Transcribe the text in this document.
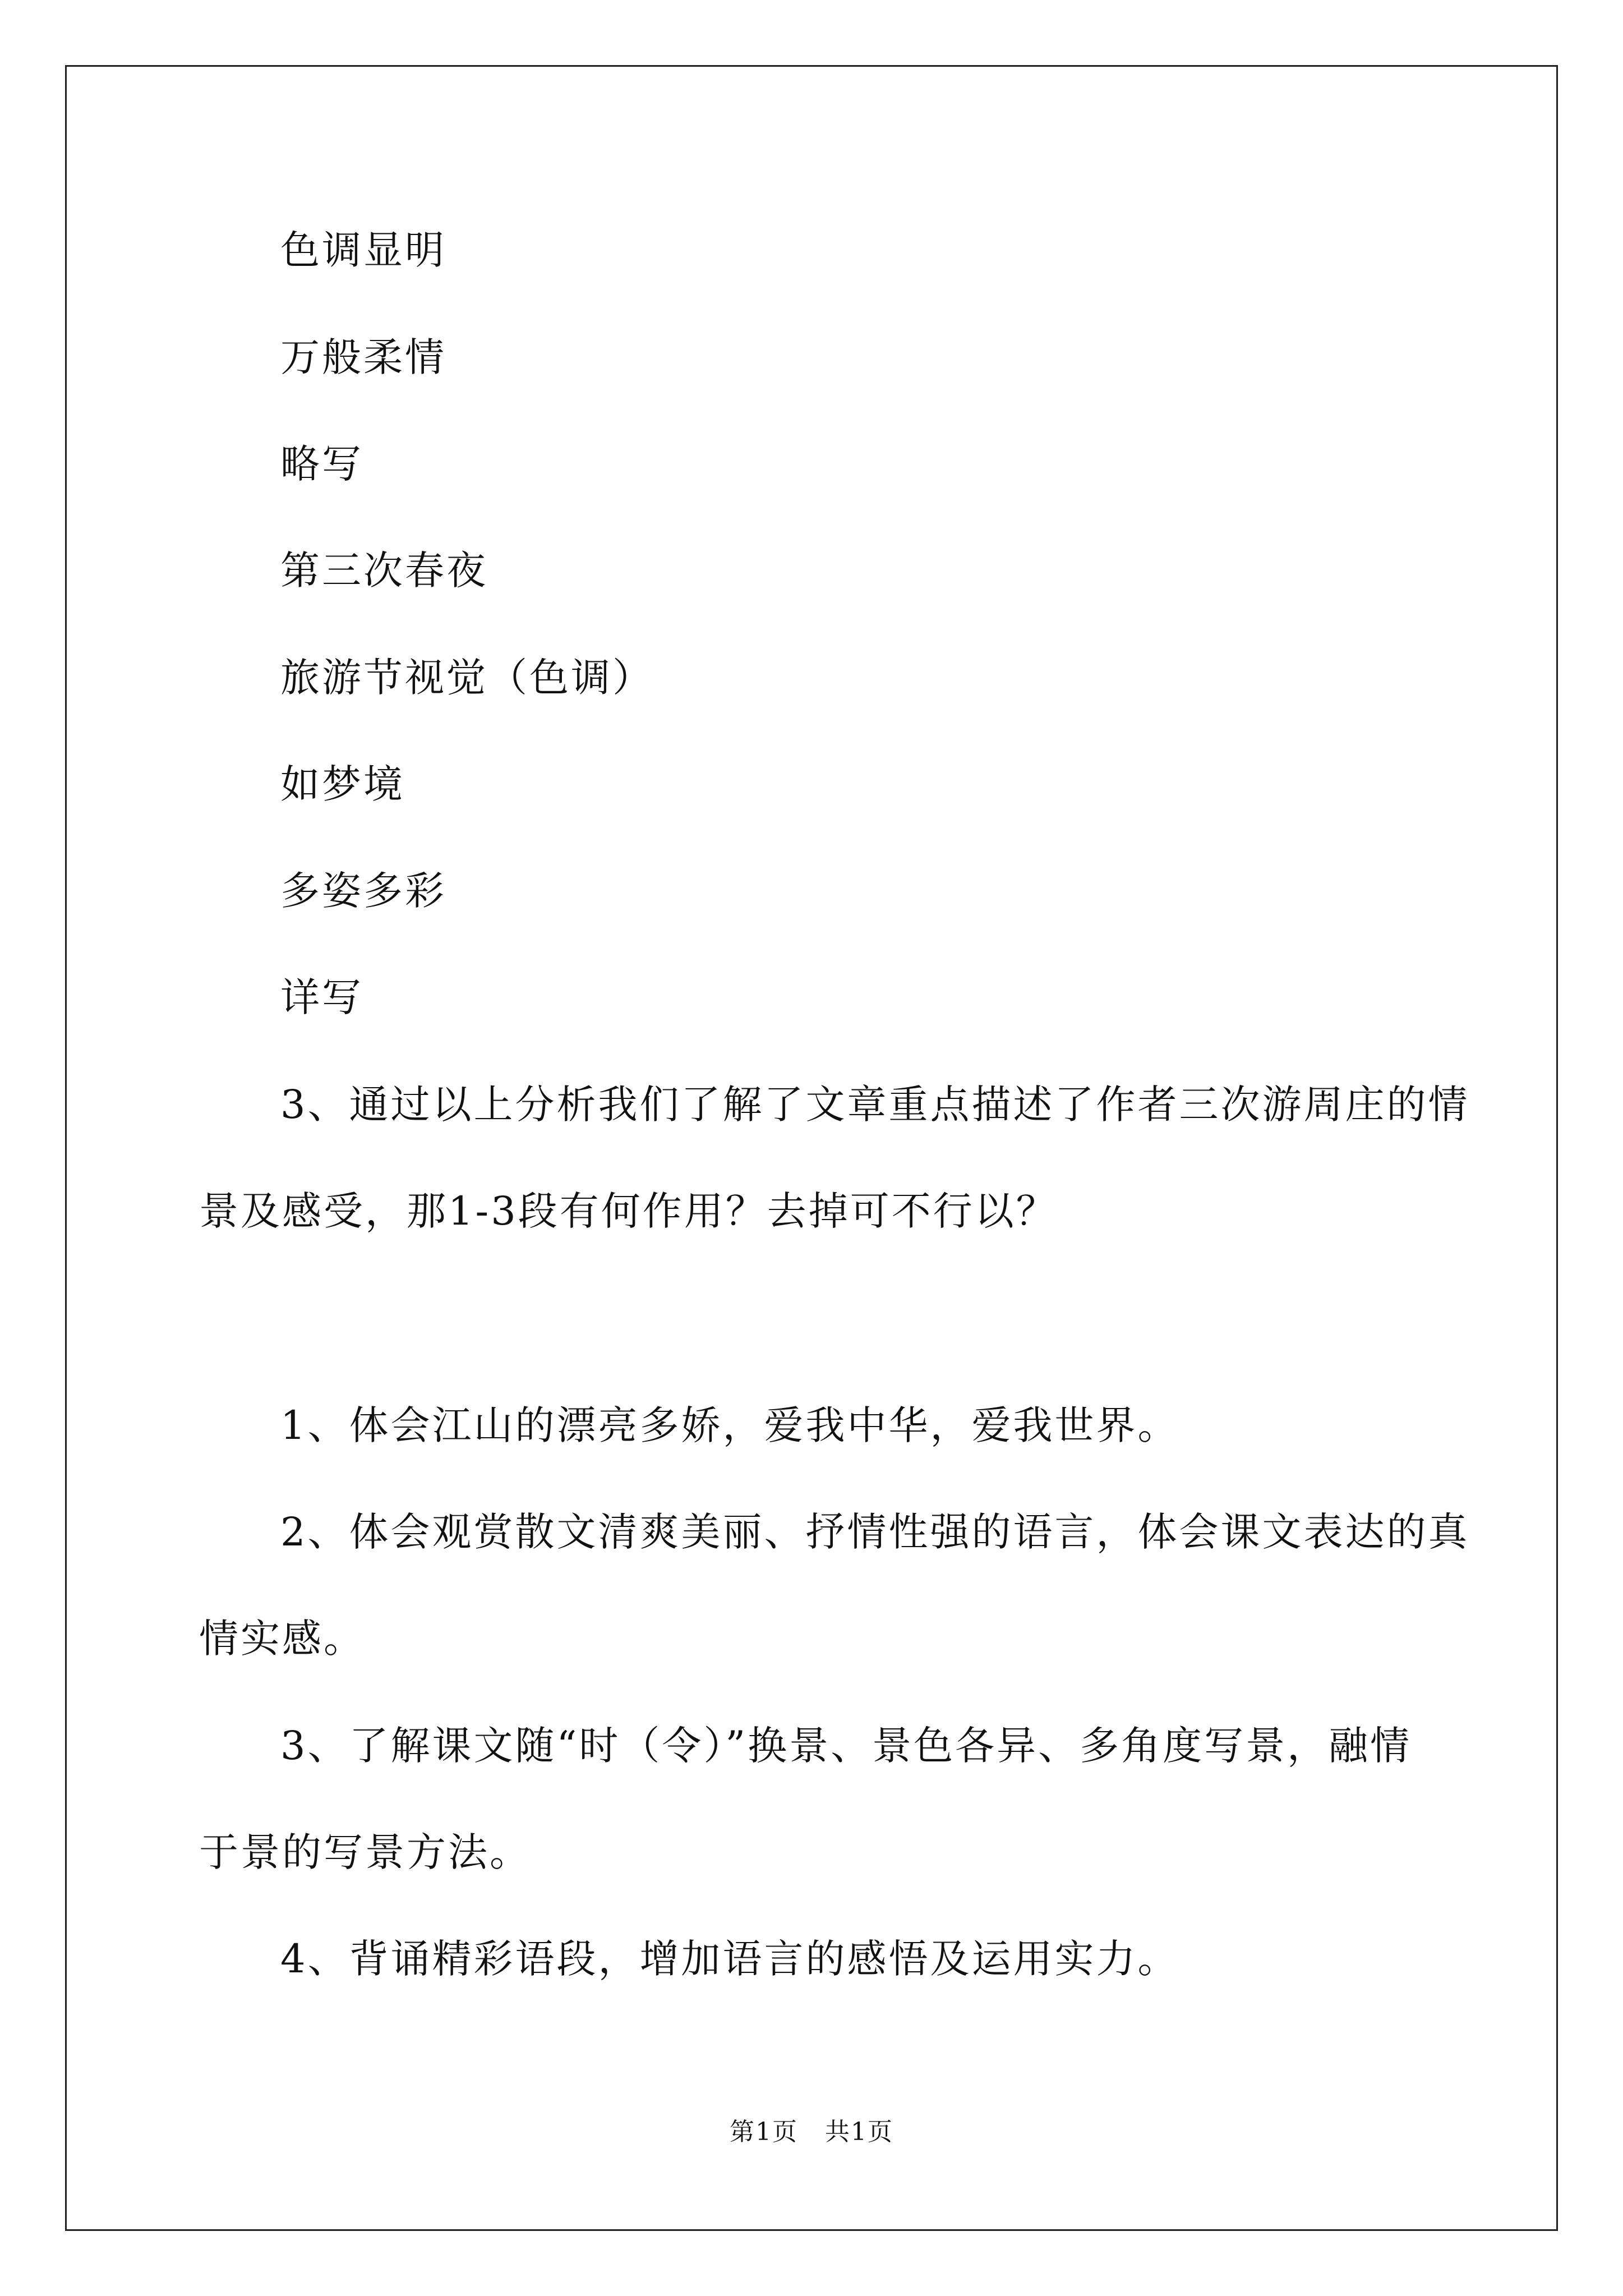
色调显明
万般柔情
略写
第三次春夜
旅游节视觉（色调）
如梦境
多姿多彩
详写
3、通过以上分析我们了解了文章重点描述了作者三次游周庄的情
景及感受，那1-3段有何作用？去掉可不行以？
1、体会江山的漂亮多娇，爱我中华，爱我世界。
2、体会观赏散文清爽美丽、抒情性强的语言，体会课文表达的真
情实感。
3、了解课文随“时（令）”换景、景色各异、多角度写景，融情
于景的写景方法。
4、背诵精彩语段，增加语言的感悟及运用实力。
第1页   共1页
